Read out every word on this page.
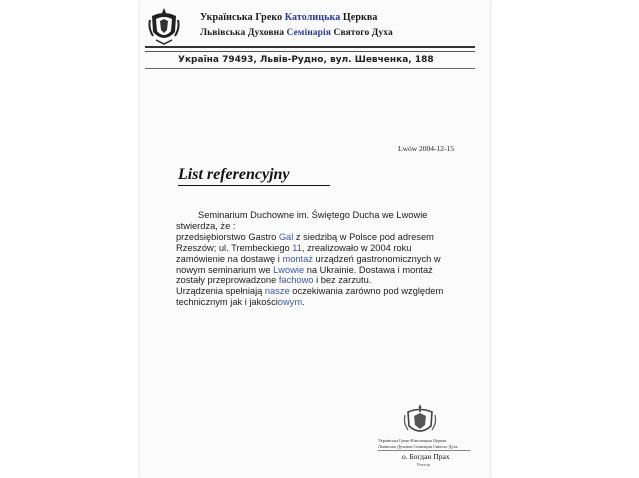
Українська Греко Католицька Церква
Львівська Духовна Семінарія Святого Духа
Україна 79493, Львів-Рудно, вул. Шевченка, 188
Lwów 2004-12-15
List referencyjny
Seminarium Duchowne im. Świętego Ducha we Lwowie
stwierdza, że :
przedsiębiorstwo Gastro Gal z siedzibą w Polsce pod adresem
Rzeszów; ul. Trembeckiego 11, zrealizowało w 2004 roku
zamówienie na dostawę i montaż urządzeń gastronomicznych w
nowym seminarium we Lwowie na Ukrainie. Dostawa i montaż
zostały przeprowadzone fachowo i bez zarzutu.
Urządzenia spełniają nasze oczekiwania zarówno pod względem
technicznym jak i jakościowym.
Українська Греко-Католицька Церква
Львівська Духовна Семінарія Святого Духа
о. Богдан Прах
Ректор
